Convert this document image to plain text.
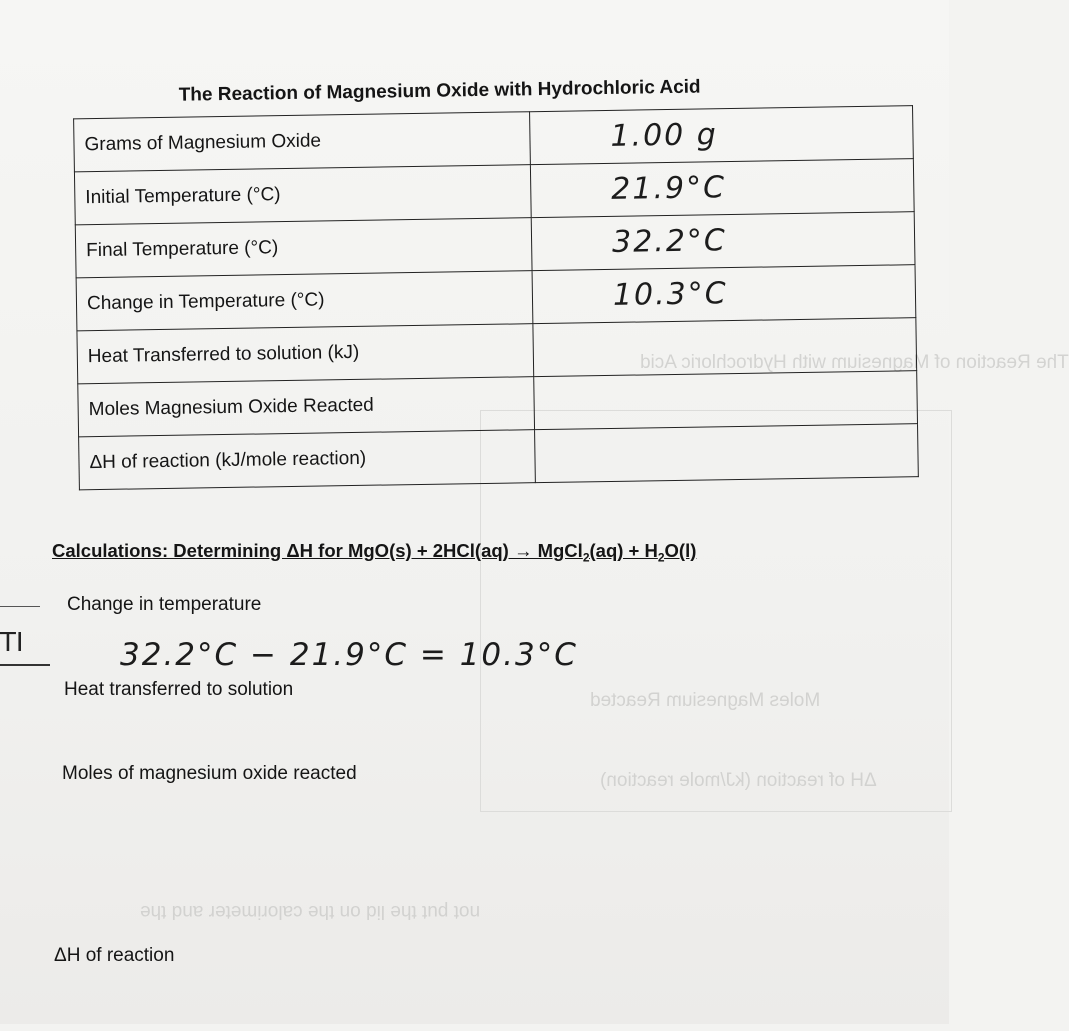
The Reaction of Magnesium with Hydrochloric Acid
Moles Magnesium Reacted
ΔH of reaction (kJ/mole reaction)
not put the lid on the calorimeter and the
TI
The Reaction of Magnesium Oxide with Hydrochloric Acid
Grams of Magnesium Oxide	1.00 g

Initial Temperature (°C)	21.9°C

Final Temperature (°C)	32.2°C

Change in Temperature (°C)	10.3°C

Heat Transferred to solution (kJ)	

Moles Magnesium Oxide Reacted	

ΔH of reaction (kJ/mole reaction)	
Calculations: Determining ΔH for MgO(s) + 2HCl(aq) → MgCl$_2$(aq) + $H_2O(l)$
Change in temperature
32.2°C − 21.9°C = 10.3°C
Heat transferred to solution
Moles of magnesium oxide reacted
ΔH of reaction
